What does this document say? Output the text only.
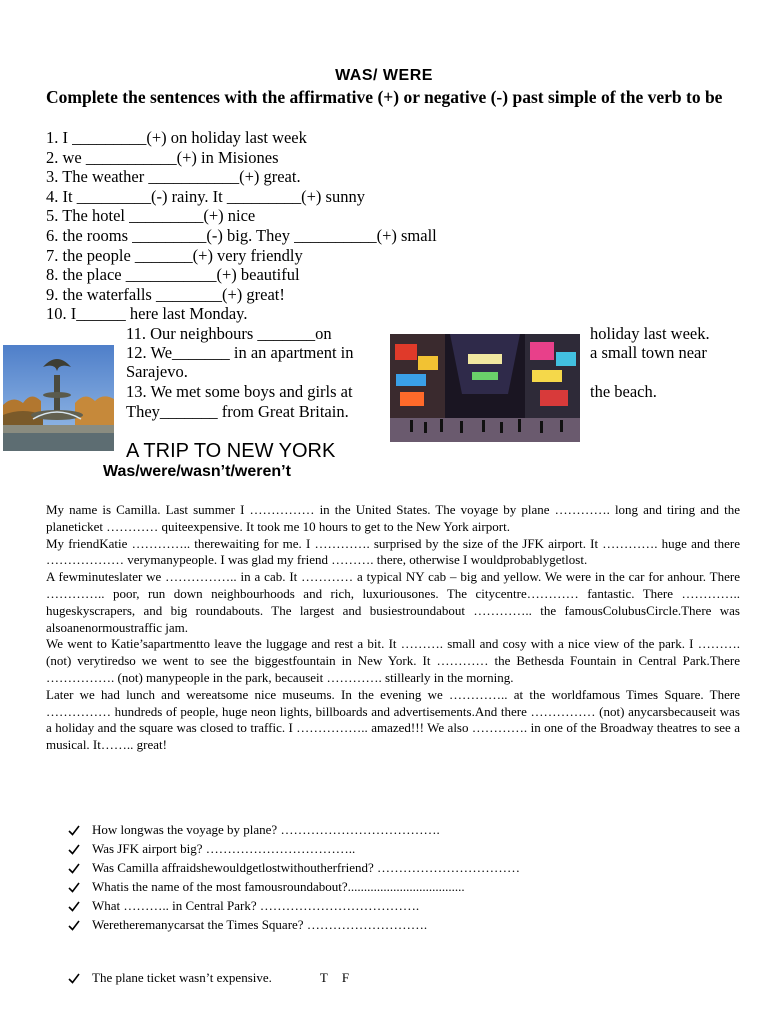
WAS/ WERE
Complete the sentences with the affirmative (+) or negative (-) past simple of the verb to be
1. I _________(+) on holiday last week
2. we ___________(+) in Misiones
3. The weather ___________(+) great.
4. It _________(-) rainy. It _________(+) sunny
5. The hotel _________(+) nice
6. the rooms _________(-) big. They __________(+) small
7. the people _______(+) very friendly
8. the place ___________(+) beautiful
9. the waterfalls ________(+) great!
10. I______ here last Monday.
11. Our neighbours _______on	holiday last week.
12. We_______ in an apartment in	a small town near
Sarajevo.
13. We met some boys and girls at	the beach.
They_______ from Great Britain.
A TRIP TO NEW YORK
Was/were/wasn’t/weren’t

My name is Camilla. Last summer I …………… in the United States. The voyage by plane …………. long and tiring and the planeticket ………… quiteexpensive. It took me 10 hours to get to the New York airport.

My friendKatie ………….. therewaiting for me. I …………. surprised by the size of the JFK airport. It …………. huge and there ……………… verymanypeople. I was glad my friend ………. there, otherwise I wouldprobablygetlost.

A fewminuteslater we …………….. in a cab. It ………… a typical NY cab – big and yellow. We were in the car for anhour. There ………….. poor, run down neighbourhoods and rich, luxuriousones. The citycentre………… fantastic. There ………….. hugeskyscrapers, and big roundabouts. The largest and busiestroundabout ………….. the famousColubusCircle.There was alsoanenormoustraffic jam.

We went to Katie’sapartmentto leave the luggage and rest a bit. It ………. small and cosy with a nice view of the park. I ………. (not) verytiredso we went to see the biggestfountain in New York. It ………… the Bethesda Fountain in Central Park.There ……………. (not) manypeople in the park, becauseit …………. stillearly in the morning.

Later we had lunch and wereatsome nice museums. In the evening we ………….. at the worldfamous Times Square. There …………… hundreds of people, huge neon lights, billboards and advertisements.And there …………… (not) anycarsbecauseit was a holiday and the square was closed to traffic. I …………….. amazed!!! We also …………. in one of the Broadway theatres to see a musical. It…….. great!

How longwas the voyage by plane? ……………………………….
Was JFK airport big? ……………………………..
Was Camilla affraidshewouldgetlostwithoutherfriend? ……………………………
Whatis the name of the most famousroundabout?....................................
What ……….. in Central Park? ……………………………….
Weretheremanycarsat the Times Square? ……………………….
The plane ticket wasn’t expensive.	T F
